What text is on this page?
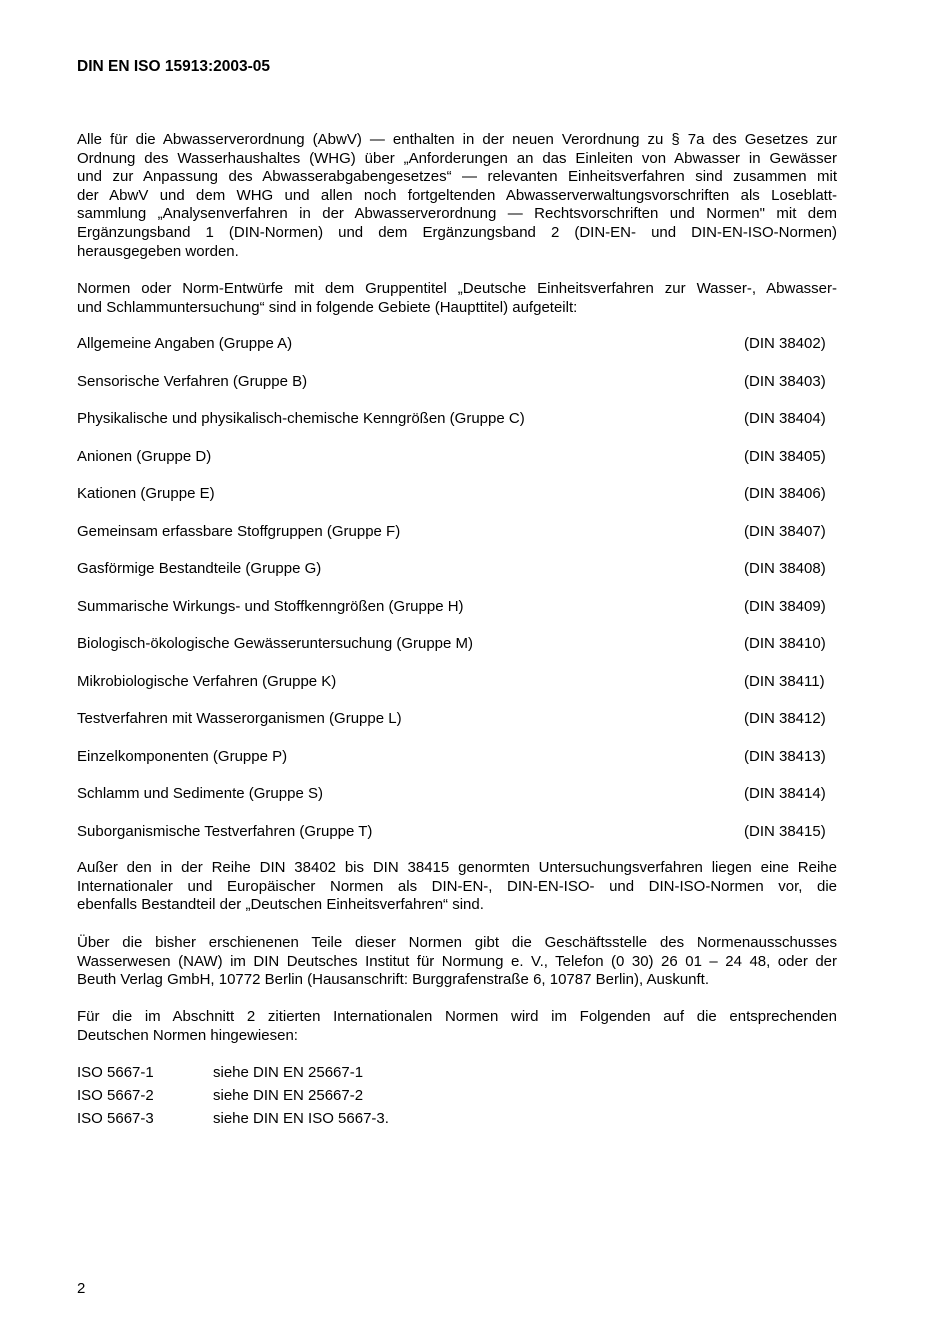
DIN EN ISO 15913:2003-05
Alle für die Abwasserverordnung (AbwV) — enthalten in der neuen Verordnung zu § 7a des Gesetzes zur
Ordnung des Wasserhaushaltes (WHG) über „Anforderungen an das Einleiten von Abwasser in Gewässer
und zur Anpassung des Abwasserabgabengesetzes“ — relevanten Einheitsverfahren sind zusammen mit
der AbwV und dem WHG und allen noch fortgeltenden Abwasserverwaltungsvorschriften als Loseblatt-
sammlung „Analysenverfahren in der Abwasserverordnung — Rechtsvorschriften und Normen" mit dem
Ergänzungsband 1 (DIN-Normen) und dem Ergänzungsband 2 (DIN-EN- und DIN-EN-ISO-Normen)
herausgegeben worden.
Normen oder Norm-Entwürfe mit dem Gruppentitel „Deutsche Einheitsverfahren zur Wasser-, Abwasser-
und Schlammuntersuchung“ sind in folgende Gebiete (Haupttitel) aufgeteilt:
Allgemeine Angaben (Gruppe A)	(DIN 38402)
Sensorische Verfahren (Gruppe B)	(DIN 38403)
Physikalische und physikalisch-chemische Kenngrößen (Gruppe C)	(DIN 38404)
Anionen (Gruppe D)	(DIN 38405)
Kationen (Gruppe E)	(DIN 38406)
Gemeinsam erfassbare Stoffgruppen (Gruppe F)	(DIN 38407)
Gasförmige Bestandteile (Gruppe G)	(DIN 38408)
Summarische Wirkungs- und Stoffkenngrößen (Gruppe H)	(DIN 38409)
Biologisch-ökologische Gewässeruntersuchung (Gruppe M)	(DIN 38410)
Mikrobiologische Verfahren (Gruppe K)	(DIN 38411)
Testverfahren mit Wasserorganismen (Gruppe L)	(DIN 38412)
Einzelkomponenten (Gruppe P)	(DIN 38413)
Schlamm und Sedimente (Gruppe S)	(DIN 38414)
Suborganismische Testverfahren (Gruppe T)	(DIN 38415)
Außer den in der Reihe DIN 38402 bis DIN 38415 genormten Untersuchungsverfahren liegen eine Reihe
Internationaler und Europäischer Normen als DIN-EN-, DIN-EN-ISO- und DIN-ISO-Normen vor, die
ebenfalls Bestandteil der „Deutschen Einheitsverfahren“ sind.
Über die bisher erschienenen Teile dieser Normen gibt die Geschäftsstelle des Normenausschusses
Wasserwesen (NAW) im DIN Deutsches Institut für Normung e. V., Telefon (0 30) 26 01 – 24 48, oder der
Beuth Verlag GmbH, 10772 Berlin (Hausanschrift: Burggrafenstraße 6, 10787 Berlin), Auskunft.
Für die im Abschnitt 2 zitierten Internationalen Normen wird im Folgenden auf die entsprechenden
Deutschen Normen hingewiesen:
ISO 5667-1	siehe DIN EN 25667-1
ISO 5667-2	siehe DIN EN 25667-2
ISO 5667-3	siehe DIN EN ISO 5667-3.
2
